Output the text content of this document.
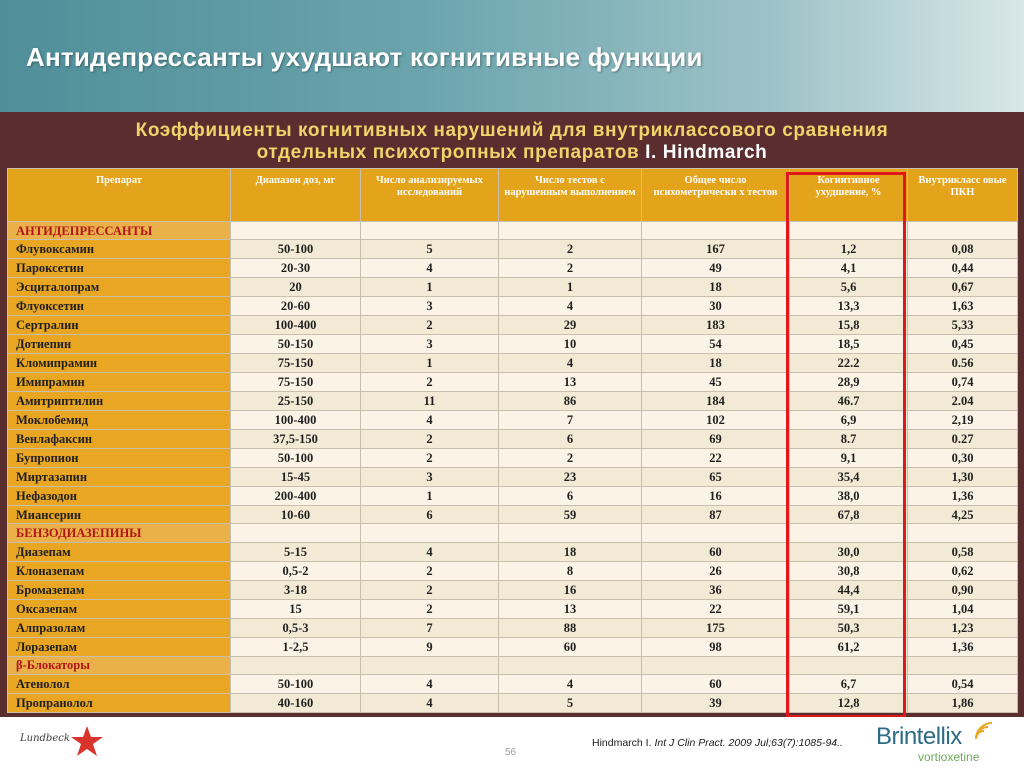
Антидепрессанты ухудшают когнитивные функции
Коэффициенты когнитивных нарушений для внутриклассового сравнения
отдельных психотропных препаратов I. Hindmarch
Препарат	Диапазон доз, мг	Число анализируемых исследований	Число тестов с нарушенным выполнением	Общее число психометрически х тестов	Когнитивное ухудшение, %	Внутрикласс овые ПКН
АНТИДЕПРЕССАНТЫ						
Флувоксамин	50-100	5	2	167	1,2	0,08
Пароксетин	20-30	4	2	49	4,1	0,44
Эсциталопрам	20	1	1	18	5,6	0,67
Флуоксетин	20-60	3	4	30	13,3	1,63
Сертралин	100-400	2	29	183	15,8	5,33
Дотиепин	50-150	3	10	54	18,5	0,45
Кломипрамин	75-150	1	4	18	22.2	0.56
Имипрамин	75-150	2	13	45	28,9	0,74
Амитриптилин	25-150	11	86	184	46.7	2.04
Моклобемид	100-400	4	7	102	6,9	2,19
Венлафаксин	37,5-150	2	6	69	8.7	0.27
Бупропион	50-100	2	2	22	9,1	0,30
Миртазапин	15-45	3	23	65	35,4	1,30
Нефазодон	200-400	1	6	16	38,0	1,36
Миансерин	10-60	6	59	87	67,8	4,25
БЕНЗОДИАЗЕПИНЫ						
Диазепам	5-15	4	18	60	30,0	0,58
Клоназепам	0,5-2	2	8	26	30,8	0,62
Бромазепам	3-18	2	16	36	44,4	0,90
Оксазепам	15	2	13	22	59,1	1,04
Алпразолам	0,5-3	7	88	175	50,3	1,23
Лоразепам	1-2,5	9	60	98	61,2	1,36
β-Блокаторы						
Атенолол	50-100	4	4	60	6,7	0,54
Пропранолол	40-160	4	5	39	12,8	1,86
Lundbeck
56
Hindmarch I. Int J Clin Pract. 2009 Jul;63(7):1085-94.. Brintellix
vortioxetine
